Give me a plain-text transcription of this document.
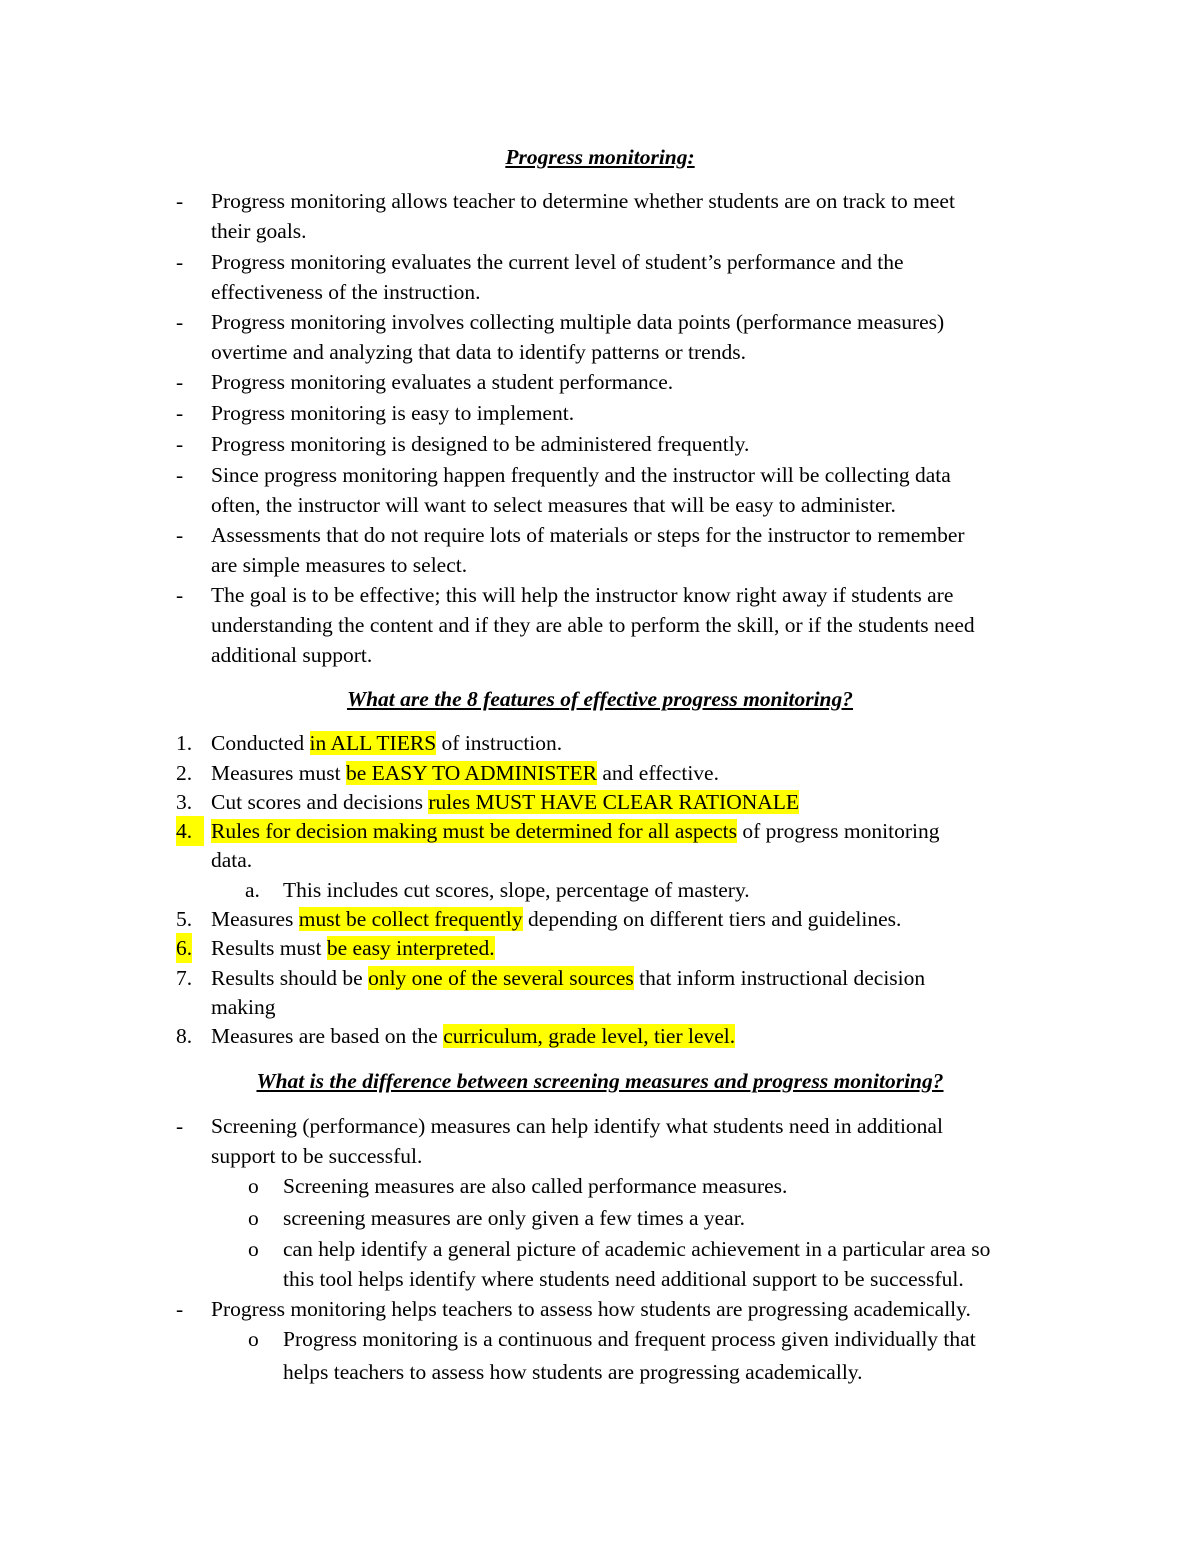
Progress monitoring:
- Progress monitoring allows teacher to determine whether students are on track to meet
their goals.
- Progress monitoring evaluates the current level of student’s performance and the
effectiveness of the instruction.
- Progress monitoring involves collecting multiple data points (performance measures)
overtime and analyzing that data to identify patterns or trends.
- Progress monitoring evaluates a student performance.
- Progress monitoring is easy to implement.
- Progress monitoring is designed to be administered frequently.
- Since progress monitoring happen frequently and the instructor will be collecting data
often, the instructor will want to select measures that will be easy to administer.
- Assessments that do not require lots of materials or steps for the instructor to remember
are simple measures to select.
- The goal is to be effective; this will help the instructor know right away if students are
understanding the content and if they are able to perform the skill, or if the students need
additional support.
What are the 8 features of effective progress monitoring?
1. Conducted in ALL TIERS of instruction.
2. Measures must be EASY TO ADMINISTER and effective.
3. Cut scores and decisions rules MUST HAVE CLEAR RATIONALE
4. Rules for decision making must be determined for all aspects of progress monitoring
data.
a. This includes cut scores, slope, percentage of mastery.
5. Measures must be collect frequently depending on different tiers and guidelines.
6. Results must be easy interpreted.
7. Results should be only one of the several sources that inform instructional decision
making
8. Measures are based on the curriculum, grade level, tier level.
What is the difference between screening measures and progress monitoring?
- Screening (performance) measures can help identify what students need in additional
support to be successful.
o Screening measures are also called performance measures.
o screening measures are only given a few times a year.
o can help identify a general picture of academic achievement in a particular area so
this tool helps identify where students need additional support to be successful.
- Progress monitoring helps teachers to assess how students are progressing academically.
o Progress monitoring is a continuous and frequent process given individually that
helps teachers to assess how students are progressing academically.
